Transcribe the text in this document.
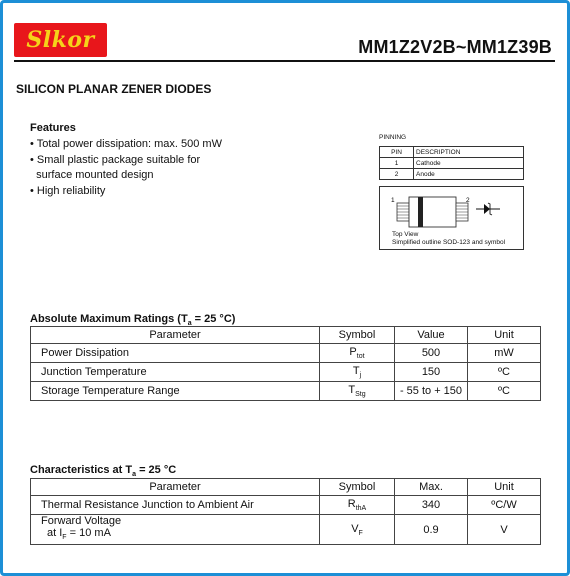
Slkor	MM1Z2V2B~MM1Z39B
SILICON PLANAR ZENER DIODES
Features
• Total power dissipation: max. 500 mW
• Small plastic package suitable for
surface mounted design
• High reliability
PINNING
PIN	DESCRIPTION
1	Cathode
2	Anode
1	2
Top View
Simplified outline SOD-123 and symbol
Absolute Maximum Ratings ($T_a = 25$ °C)
Parameter	Symbol	Value	Unit
Power Dissipation	$P_{tot}$	500	mW
Junction Temperature	$T_j$	150	ºC
Storage Temperature Range	$T_{Stg}$	- 55 to + 150	ºC
Characteristics at $T_a = 25$ °C
Parameter	Symbol	Max.	Unit
Thermal Resistance Junction to Ambient Air	$R_{thA}$	340	ºC/W

Forward Voltage
at $I_F = 10$ mA	$V_F$	0.9	V
